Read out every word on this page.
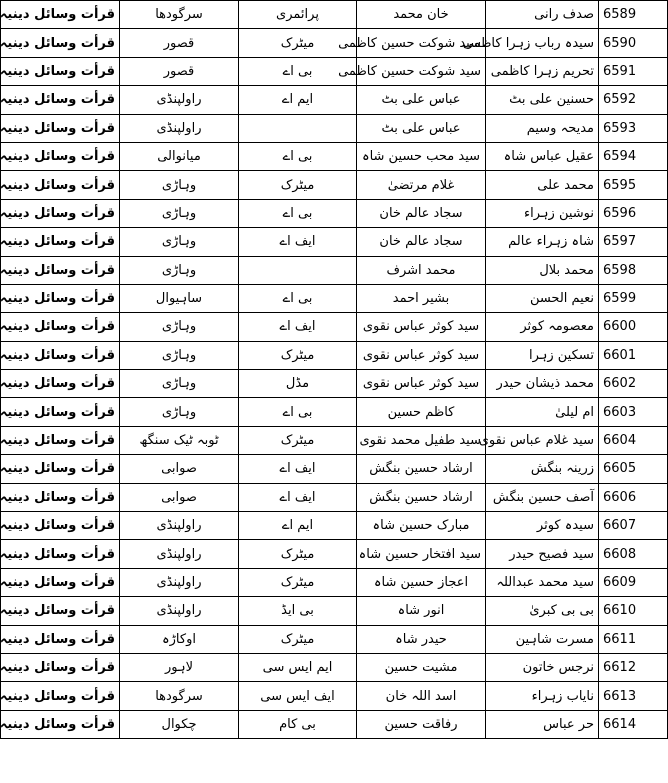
قرأت وسائل دینیہ	سرگودھا	پرائمری	خان محمد	صدف رانی	6589
قرأت وسائل دینیہ	قصور	میٹرک	سید شوکت حسین کاظمی	سیدہ رباب زہرا کاظمی	6590
قرأت وسائل دینیہ	قصور	بی اے	سید شوکت حسین کاظمی	تحریم زہرا کاظمی	6591
قرأت وسائل دینیہ	راولپنڈی	ایم اے	عباس علی بٹ	حسنین علی بٹ	6592
قرأت وسائل دینیہ	راولپنڈی		عباس علی بٹ	مدیحہ وسیم	6593
قرأت وسائل دینیہ	میانوالی	بی اے	سید محب حسین شاہ	عقیل عباس شاہ	6594
قرأت وسائل دینیہ	وہاڑی	میٹرک	غلام مرتضیٰ	محمد علی	6595
قرأت وسائل دینیہ	وہاڑی	بی اے	سجاد عالم خان	نوشین زہراء	6596
قرأت وسائل دینیہ	وہاڑی	ایف اے	سجاد عالم خان	شاہ زہراء عالم	6597
قرأت وسائل دینیہ	وہاڑی		محمد اشرف	محمد بلال	6598
قرأت وسائل دینیہ	ساہیوال	بی اے	بشیر احمد	نعیم الحسن	6599
قرأت وسائل دینیہ	وہاڑی	ایف اے	سید کوثر عباس نقوی	معصومہ کوثر	6600
قرأت وسائل دینیہ	وہاڑی	میٹرک	سید کوثر عباس نقوی	تسکین زہرا	6601
قرأت وسائل دینیہ	وہاڑی	مڈل	سید کوثر عباس نقوی	محمد ذیشان حیدر	6602
قرأت وسائل دینیہ	وہاڑی	بی اے	کاظم حسین	ام لیلیٰ	6603
قرأت وسائل دینیہ	ٹوبہ ٹیک سنگھ	میٹرک	سید طفیل محمد نقوی	سید غلام عباس نقوی	6604
قرأت وسائل دینیہ	صوابی	ایف اے	ارشاد حسین بنگش	زرینہ بنگش	6605
قرأت وسائل دینیہ	صوابی	ایف اے	ارشاد حسین بنگش	آصف حسین بنگش	6606
قرأت وسائل دینیہ	راولپنڈی	ایم اے	مبارک حسین شاہ	سیدہ کوثر	6607
قرأت وسائل دینیہ	راولپنڈی	میٹرک	سید افتخار حسین شاہ	سید فصیح حیدر	6608
قرأت وسائل دینیہ	راولپنڈی	میٹرک	اعجاز حسین شاہ	سید محمد عبداللہ	6609
قرأت وسائل دینیہ	راولپنڈی	بی ایڈ	انور شاہ	بی بی کبریٰ	6610
قرأت وسائل دینیہ	اوکاڑہ	میٹرک	حیدر شاہ	مسرت شاہین	6611
قرأت وسائل دینیہ	لاہور	ایم ایس سی	مشیت حسین	نرجس خاتون	6612
قرأت وسائل دینیہ	سرگودھا	ایف ایس سی	اسد اللہ خان	نایاب زہراء	6613
قرأت وسائل دینیہ	چکوال	بی کام	رفاقت حسین	حر عباس	6614
